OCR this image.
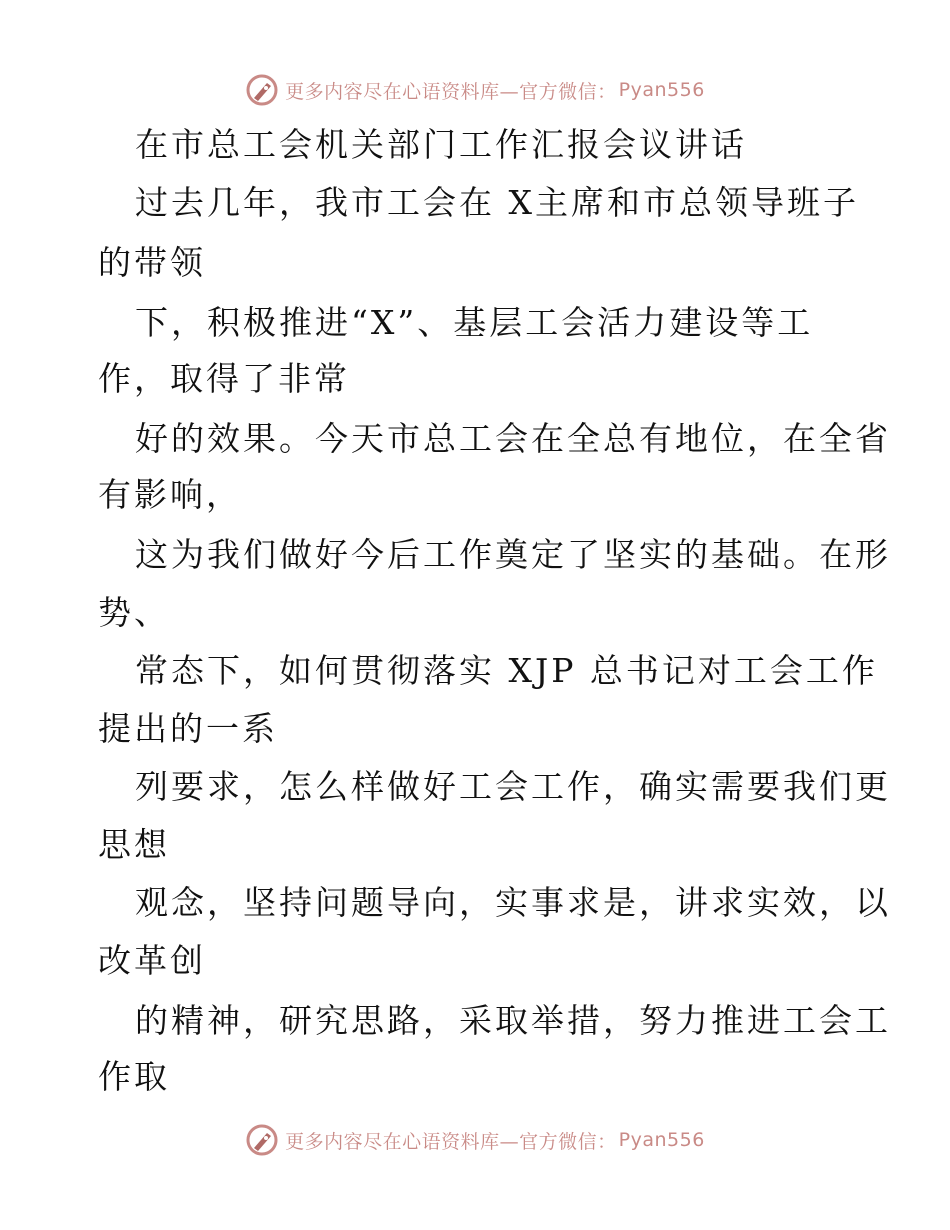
更多内容尽在心语资料库—官方微信： Pyan556
在市总工会机关部门工作汇报会议讲话
过去几年，我市工会在 X主席和市总领导班子
的带领
下，积极推进“X”、基层工会活力建设等工
作，取得了非常
好的效果。今天市总工会在全总有地位，在全省
有影响，
这为我们做好今后工作奠定了坚实的基础。在形
势、
常态下，如何贯彻落实 XJP 总书记对工会工作
提出的一系
列要求，怎么样做好工会工作，确实需要我们更
思想
观念，坚持问题导向，实事求是，讲求实效，以
改革创
的精神，研究思路，采取举措，努力推进工会工
作取
更多内容尽在心语资料库—官方微信： Pyan556
